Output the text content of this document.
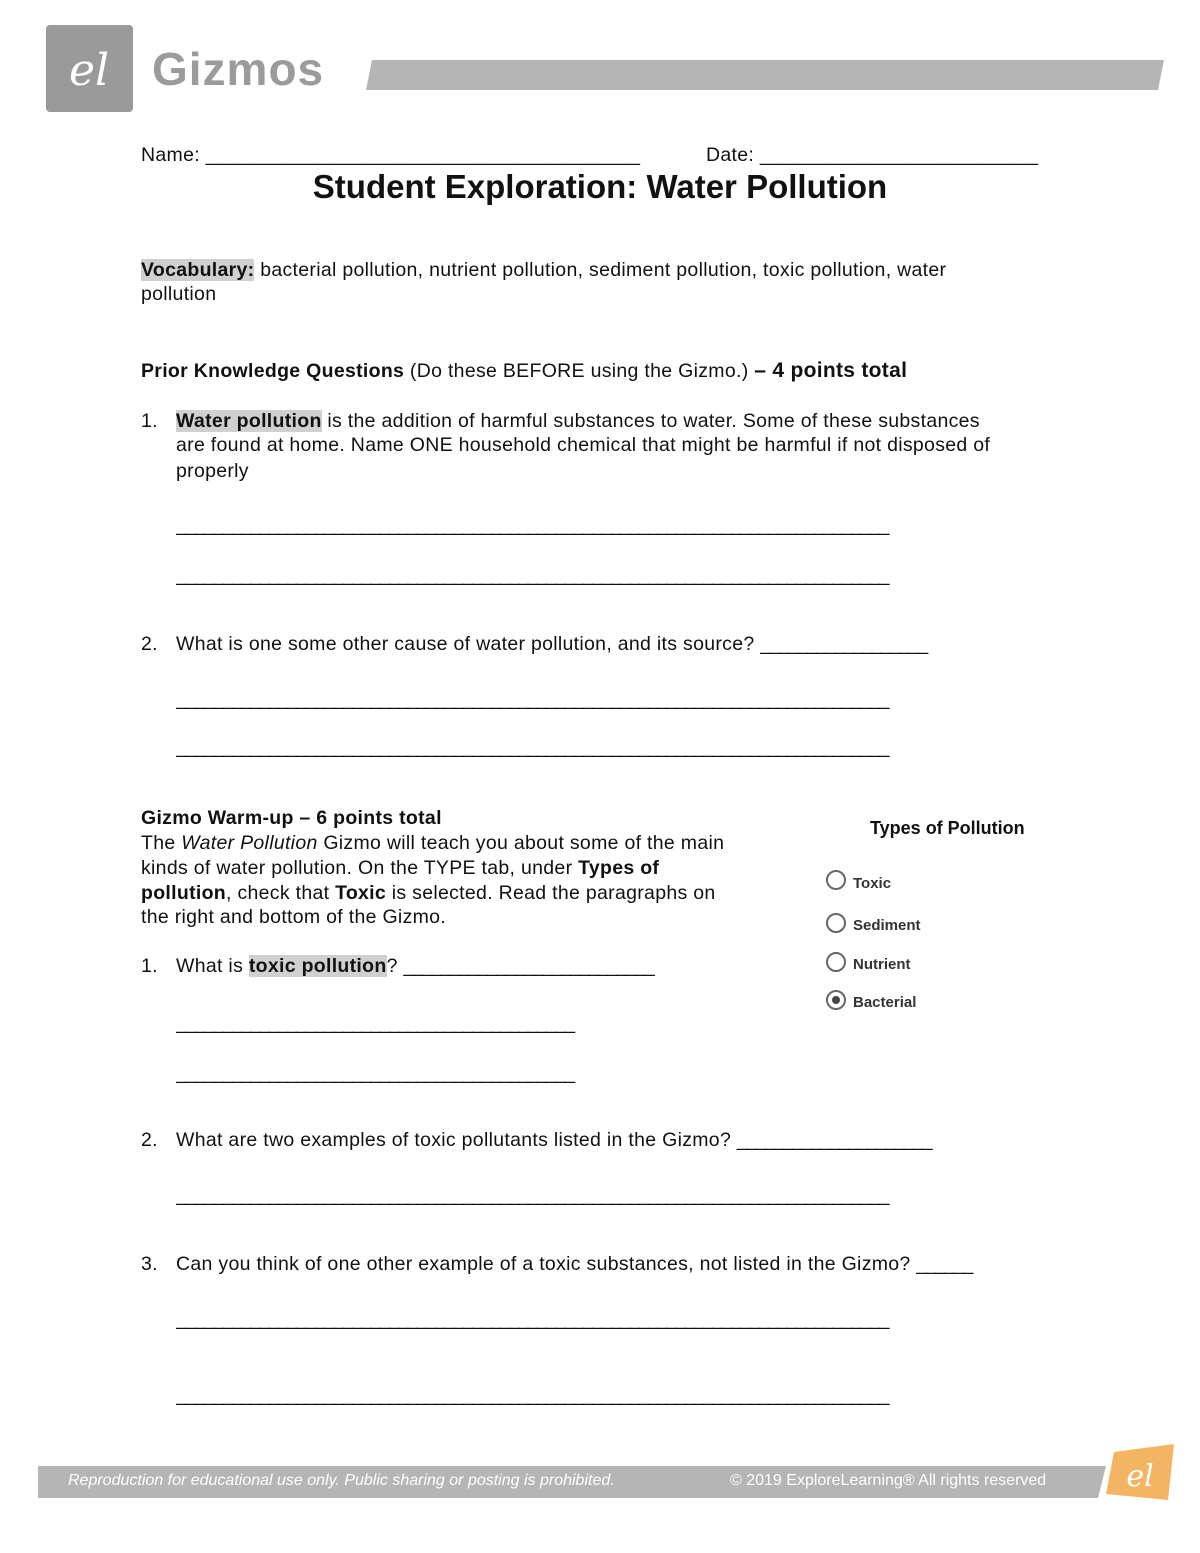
el Gizmos
Name: _______________________________________	Date: _________________________
Student Exploration: Water Pollution
Vocabulary: bacterial pollution, nutrient pollution, sediment pollution, toxic pollution, water
pollution
Prior Knowledge Questions (Do these BEFORE using the Gizmo.) – 4 points total
1. Water pollution is the addition of harmful substances to water. Some of these substances
are found at home. Name ONE household chemical that might be harmful if not disposed of
properly
_____________________________________________________________________________
_____________________________________________________________________________
2. What is one some other cause of water pollution, and its source? __________________
_____________________________________________________________________________
_____________________________________________________________________________
Gizmo Warm-up – 6 points total
The Water Pollution Gizmo will teach you about some of the main
kinds of water pollution. On the TYPE tab, under Types of
pollution, check that Toxic is selected. Read the paragraphs on
the right and bottom of the Gizmo.
1. What is toxic pollution? ___________________________
___________________________________________
___________________________________________
Types of Pollution
Toxic
Sediment
Nutrient
Bacterial
2. What are two examples of toxic pollutants listed in the Gizmo? _____________________
_____________________________________________________________________________
3. Can you think of one other example of a toxic substances, not listed in the Gizmo? ______
_____________________________________________________________________________
_____________________________________________________________________________
Reproduction for educational use only. Public sharing or posting is prohibited.	© 2019 ExploreLearning® All rights reserved	el
